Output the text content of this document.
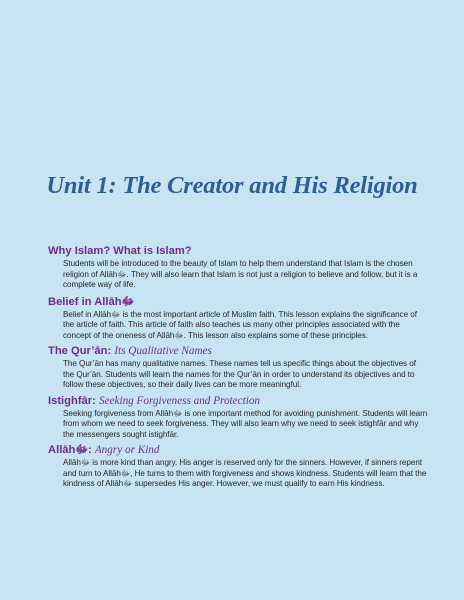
Unit 1: The Creator and His Religion
Why Islam? What is Islam?

Students will be introduced to the beauty of Islam to help them understand that Islam is the chosen religion of Allāhﷻ. They will also learn that Islam is not just a religion to believe and follow, but it is a complete way of life.

Belief in Allāhﷻ

Belief in Allāhﷻ is the most important article of Muslim faith. This lesson explains the significance of the article of faith. This article of faith also teaches us many other principles associated with the concept of the oneness of Allāhﷻ. This lesson also explains some of these principles.

The Qur’ān: Its Qualitative Names

The Qur’ān has many qualitative names. These names tell us specific things about the objectives of the Qur’ān. Students will learn the names for the Qur’ān in order to understand its objectives and to follow these objectives, so their daily lives can be more meaningful.

Istighfār: Seeking Forgiveness and Protection

Seeking forgiveness from Allāhﷻ is one important method for avoiding punishment. Students will learn from whom we need to seek forgiveness. They will also learn why we need to seek istighfār and why the messengers sought istighfār.

Allāhﷻ: Angry or Kind

Allāhﷻ is more kind than angry. His anger is reserved only for the sinners. However, if sinners repent and turn to Allāhﷻ, He turns to them with forgiveness and shows kindness. Students will learn that the kindness of Allāhﷻ supersedes His anger. However, we must qualify to earn His kindness.
